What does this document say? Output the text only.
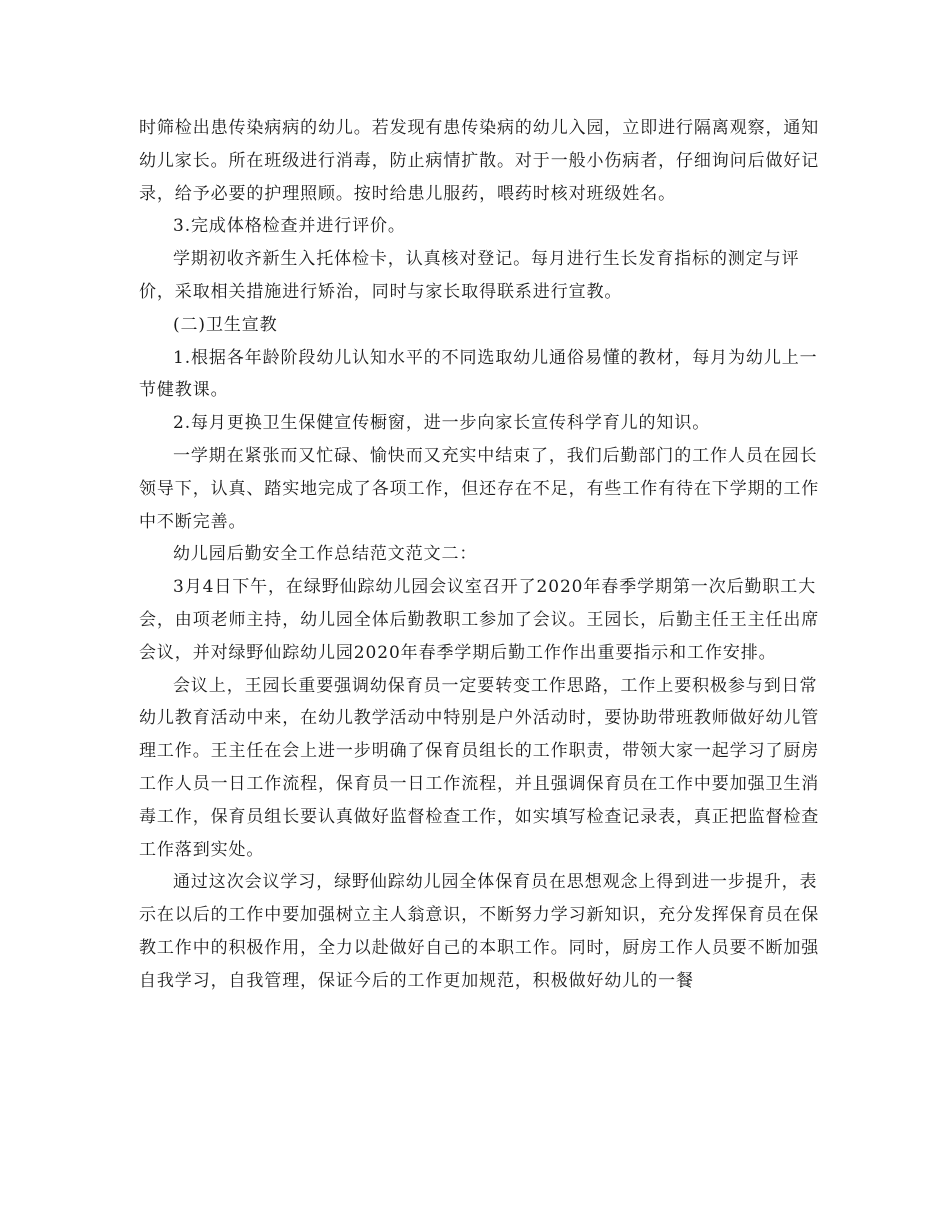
时筛检出患传染病病的幼儿。若发现有患传染病的幼儿入园，立即进行隔离观察，通知幼儿家长。所在班级进行消毒，防止病情扩散。对于一般小伤病者，仔细询问后做好记录，给予必要的护理照顾。按时给患儿服药，喂药时核对班级姓名。

3.完成体格检查并进行评价。

学期初收齐新生入托体检卡，认真核对登记。每月进行生长发育指标的测定与评价，采取相关措施进行矫治，同时与家长取得联系进行宣教。

(二)卫生宣教

1.根据各年龄阶段幼儿认知水平的不同选取幼儿通俗易懂的教材，每月为幼儿上一节健教课。

2.每月更换卫生保健宣传橱窗，进一步向家长宣传科学育儿的知识。

一学期在紧张而又忙碌、愉快而又充实中结束了，我们后勤部门的工作人员在园长领导下，认真、踏实地完成了各项工作，但还存在不足，有些工作有待在下学期的工作中不断完善。

幼儿园后勤安全工作总结范文范文二：

3月4日下午，在绿野仙踪幼儿园会议室召开了2020年春季学期第一次后勤职工大会，由项老师主持，幼儿园全体后勤教职工参加了会议。王园长，后勤主任王主任出席会议，并对绿野仙踪幼儿园2020年春季学期后勤工作作出重要指示和工作安排。

会议上，王园长重要强调幼保育员一定要转变工作思路，工作上要积极参与到日常幼儿教育活动中来，在幼儿教学活动中特别是户外活动时，要协助带班教师做好幼儿管理工作。王主任在会上进一步明确了保育员组长的工作职责，带领大家一起学习了厨房工作人员一日工作流程，保育员一日工作流程，并且强调保育员在工作中要加强卫生消毒工作，保育员组长要认真做好监督检查工作，如实填写检查记录表，真正把监督检查工作落到实处。

通过这次会议学习，绿野仙踪幼儿园全体保育员在思想观念上得到进一步提升，表示在以后的工作中要加强树立主人翁意识，不断努力学习新知识，充分发挥保育员在保教工作中的积极作用，全力以赴做好自己的本职工作。同时，厨房工作人员要不断加强自我学习，自我管理，保证今后的工作更加规范，积极做好幼儿的一餐
